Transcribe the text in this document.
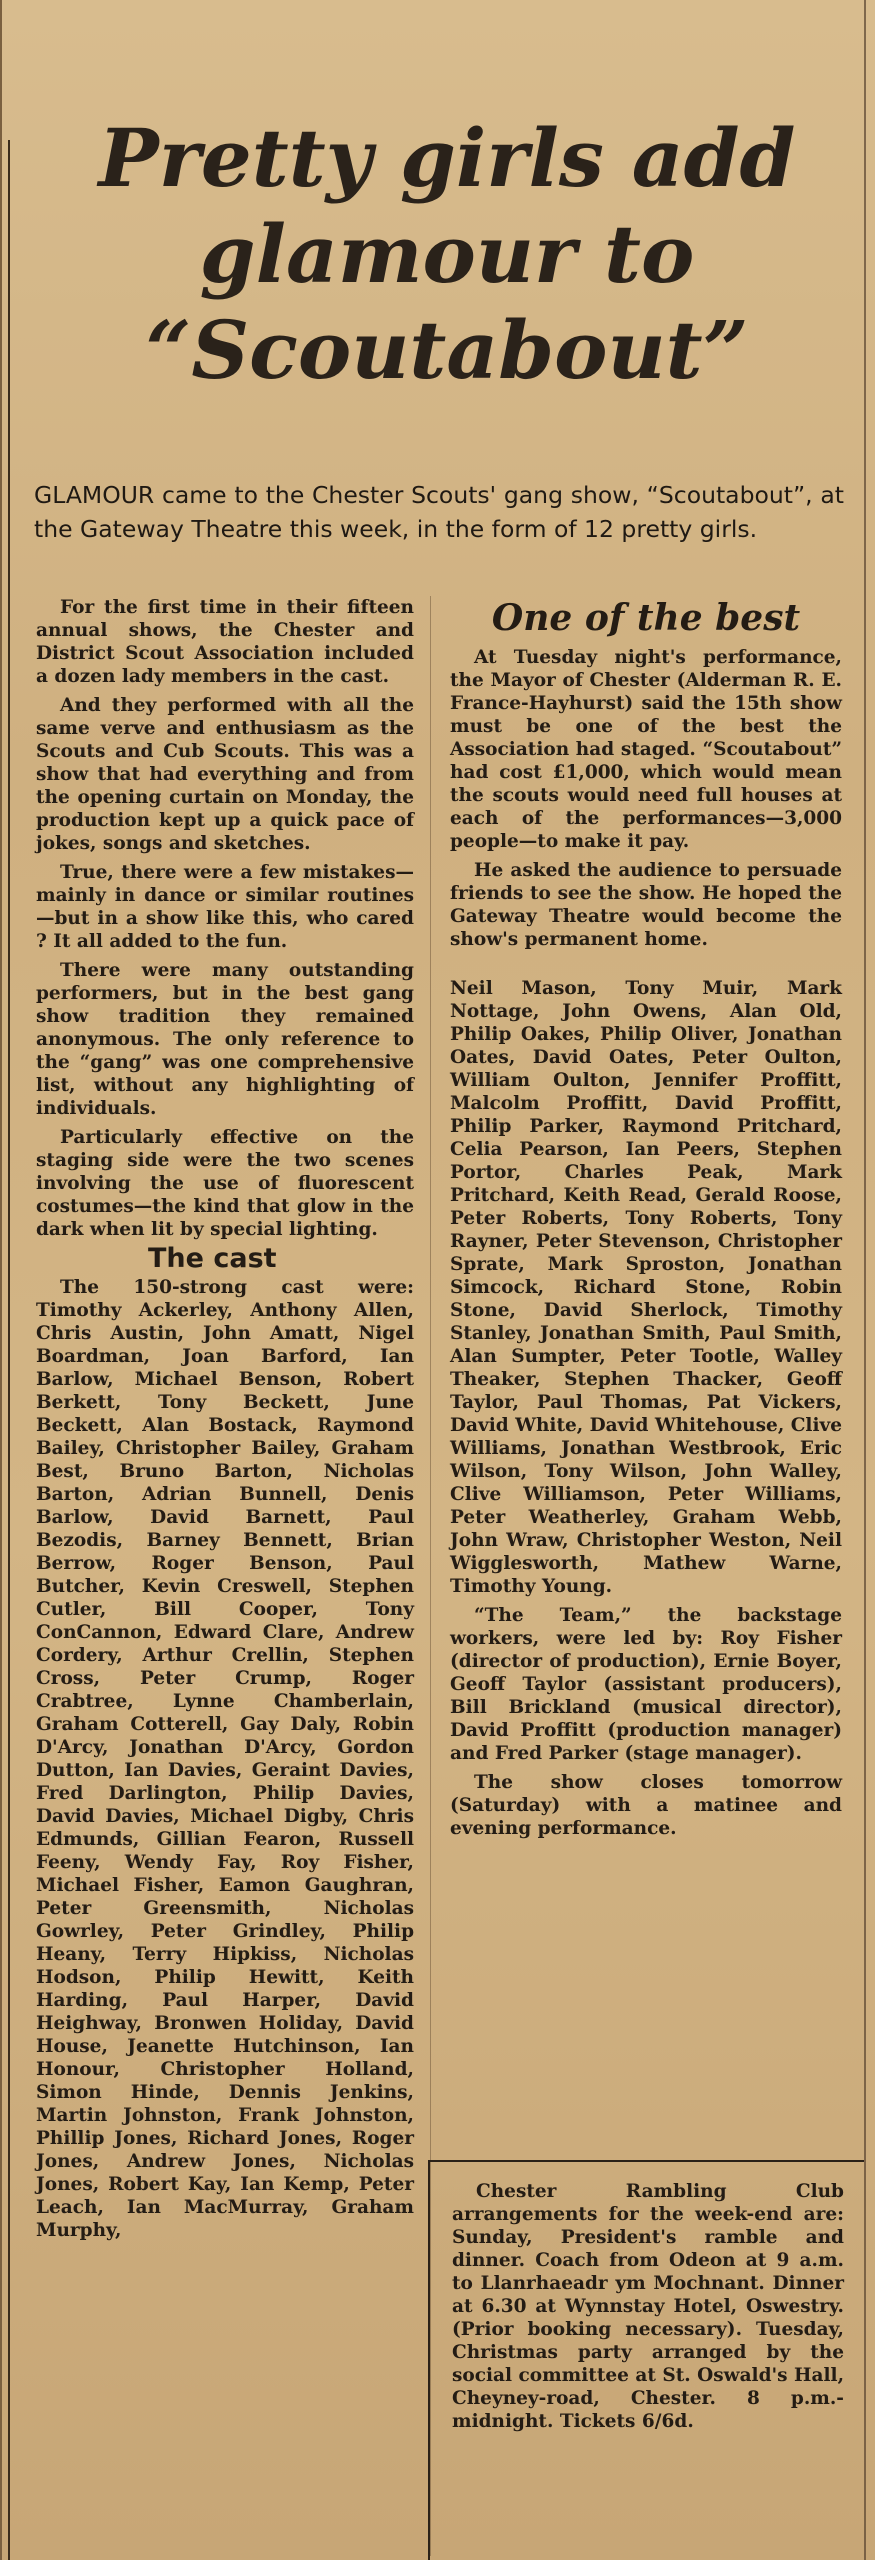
Pretty girls add
glamour to
“Scoutabout”

GLAMOUR came to the Chester Scouts' gang show, “Scoutabout”, at the Gateway Theatre this week, in the form of 12 pretty girls.

For the first time in their fifteen annual shows, the Chester and District Scout Association included a dozen lady members in the cast.

And they performed with all the same verve and enthusiasm as the Scouts and Cub Scouts. This was a show that had everything and from the opening curtain on Monday, the production kept up a quick pace of jokes, songs and sketches.

True, there were a few mistakes—mainly in dance or similar routines—but in a show like this, who cared ? It all added to the fun.

There were many outstanding performers, but in the best gang show tradition they remained anonymous. The only reference to the “gang” was one comprehensive list, without any highlighting of individuals.

Particularly effective on the staging side were the two scenes involving the use of fluorescent costumes—the kind that glow in the dark when lit by special lighting.

The cast

The 150-strong cast were: Timothy Ackerley, Anthony Allen, Chris Austin, John Amatt, Nigel Boardman, Joan Barford, Ian Barlow, Michael Benson, Robert Berkett, Tony Beckett, June Beckett, Alan Bostack, Raymond Bailey, Christopher Bailey, Graham Best, Bruno Barton, Nicholas Barton, Adrian Bunnell, Denis Barlow, David Barnett, Paul Bezodis, Barney Bennett, Brian Berrow, Roger Benson, Paul Butcher, Kevin Creswell, Stephen Cutler, Bill Cooper, Tony ConCannon, Edward Clare, Andrew Cordery, Arthur Crellin, Stephen Cross, Peter Crump, Roger Crabtree, Lynne Chamberlain, Graham Cotterell, Gay Daly, Robin D'Arcy, Jonathan D'Arcy, Gordon Dutton, Ian Davies, Geraint Davies, Fred Darlington, Philip Davies, David Davies, Michael Digby, Chris Edmunds, Gillian Fearon, Russell Feeny, Wendy Fay, Roy Fisher, Michael Fisher, Eamon Gaughran, Peter Greensmith, Nicholas Gowrley, Peter Grindley, Philip Heany, Terry Hipkiss, Nicholas Hodson, Philip Hewitt, Keith Harding, Paul Harper, David Heighway, Bronwen Holiday, David House, Jeanette Hutchinson, Ian Honour, Christopher Holland, Simon Hinde, Dennis Jenkins, Martin Johnston, Frank Johnston, Phillip Jones, Richard Jones, Roger Jones, Andrew Jones, Nicholas Jones, Robert Kay, Ian Kemp, Peter Leach, Ian MacMurray, Graham Murphy,

One of the best

At Tuesday night's performance, the Mayor of Chester (Alderman R. E. France-Hayhurst) said the 15th show must be one of the best the Association had staged. “Scoutabout” had cost £1,000, which would mean the scouts would need full houses at each of the performances—3,000 people—to make it pay.

He asked the audience to persuade friends to see the show. He hoped the Gateway Theatre would become the show's permanent home.

Neil Mason, Tony Muir, Mark Nottage, John Owens, Alan Old, Philip Oakes, Philip Oliver, Jonathan Oates, David Oates, Peter Oulton, William Oulton, Jennifer Proffitt, Malcolm Proffitt, David Proffitt, Philip Parker, Raymond Pritchard, Celia Pearson, Ian Peers, Stephen Portor, Charles Peak, Mark Pritchard, Keith Read, Gerald Roose, Peter Roberts, Tony Roberts, Tony Rayner, Peter Stevenson, Christopher Sprate, Mark Sproston, Jonathan Simcock, Richard Stone, Robin Stone, David Sherlock, Timothy Stanley, Jonathan Smith, Paul Smith, Alan Sumpter, Peter Tootle, Walley Theaker, Stephen Thacker, Geoff Taylor, Paul Thomas, Pat Vickers, David White, David Whitehouse, Clive Williams, Jonathan Westbrook, Eric Wilson, Tony Wilson, John Walley, Clive Williamson, Peter Williams, Peter Weatherley, Graham Webb, John Wraw, Christopher Weston, Neil Wigglesworth, Mathew Warne, Timothy Young.

“The Team,” the backstage workers, were led by: Roy Fisher (director of production), Ernie Boyer, Geoff Taylor (assistant producers), Bill Brickland (musical director), David Proffitt (production manager) and Fred Parker (stage manager).

The show closes tomorrow (Saturday) with a matinee and evening performance.

Chester Rambling Club arrangements for the week-end are: Sunday, President's ramble and dinner. Coach from Odeon at 9 a.m. to Llanrhaeadr ym Mochnant. Dinner at 6.30 at Wynnstay Hotel, Oswestry. (Prior booking necessary). Tuesday, Christmas party arranged by the social committee at St. Oswald's Hall, Cheyney-road, Chester. 8 p.m.-midnight. Tickets 6/6d.
